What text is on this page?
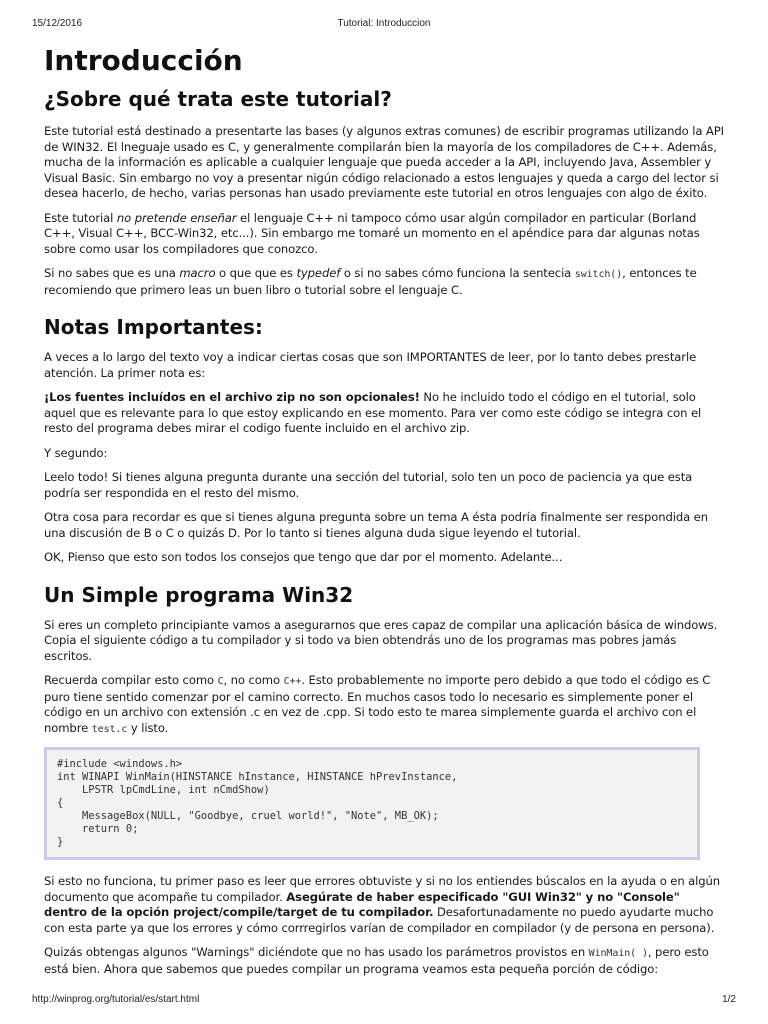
15/12/2016	Tutorial: Introduccion
Introducción
¿Sobre qué trata este tutorial?

Este tutorial está destinado a presentarte las bases (y algunos extras comunes) de escribir programas utilizando la API de WIN32. El lneguaje usado es C, y generalmente compilarán bien la mayoría de los compiladores de C++. Además, mucha de la información es aplicable a cualquier lenguaje que pueda acceder a la API, incluyendo Java, Assembler y Visual Basic. Sin embargo no voy a presentar nigún código relacionado a estos lenguajes y queda a cargo del lector si desea hacerlo, de hecho, varias personas han usado previamente este tutorial en otros lenguajes con algo de éxito.

Este tutorial no pretende enseñar el lenguaje C++ ni tampoco cómo usar algún compilador en particular (Borland C++, Visual C++, BCC-Win32, etc...). Sin embargo me tomaré un momento en el apéndice para dar algunas notas sobre como usar los compiladores que conozco.

Si no sabes que es una macro o que que es typedef o si no sabes cómo funciona la sentecia switch(), entonces te recomiendo que primero leas un buen libro o tutorial sobre el lenguaje C.

Notas Importantes:

A veces a lo largo del texto voy a indicar ciertas cosas que son IMPORTANTES de leer, por lo tanto debes prestarle atención. La primer nota es:

¡Los fuentes incluídos en el archivo zip no son opcionales! No he incluido todo el código en el tutorial, solo aquel que es relevante para lo que estoy explicando en ese momento. Para ver como este código se integra con el resto del programa debes mirar el codigo fuente incluido en el archivo zip.

Y segundo:

Leelo todo! Si tienes alguna pregunta durante una sección del tutorial, solo ten un poco de paciencia ya que esta podría ser respondida en el resto del mismo.

Otra cosa para recordar es que si tienes alguna pregunta sobre un tema A ésta podría finalmente ser respondida en una discusión de B o C o quizás D. Por lo tanto si tienes alguna duda sigue leyendo el tutorial.

OK, Pienso que esto son todos los consejos que tengo que dar por el momento. Adelante...

Un Simple programa Win32

Si eres un completo principiante vamos a asegurarnos que eres capaz de compilar una aplicación básica de windows. Copia el siguiente código a tu compilador y si todo va bien obtendrás uno de los programas mas pobres jamás escritos.

Recuerda compilar esto como C, no como C++. Esto probablemente no importe pero debido a que todo el código es C puro tiene sentido comenzar por el camino correcto. En muchos casos todo lo necesario es simplemente poner el código en un archivo con extensión .c en vez de .cpp. Si todo esto te marea simplemente guarda el archivo con el nombre test.c y listo.

#include <windows.h>
int WINAPI WinMain(HINSTANCE hInstance, HINSTANCE hPrevInstance,
LPSTR lpCmdLine, int nCmdShow)
{
MessageBox(NULL, "Goodbye, cruel world!", "Note", MB_OK);
return 0;
}

Si esto no funciona, tu primer paso es leer que errores obtuviste y si no los entiendes búscalos en la ayuda o en algún documento que acompañe tu compilador. Asegúrate de haber especificado "GUI Win32" y no "Console" dentro de la opción project/compile/target de tu compilador. Desafortunadamente no puedo ayudarte mucho con esta parte ya que los errores y cómo corrregirlos varían de compilador en compilador (y de persona en persona).

Quizás obtengas algunos "Warnings" diciéndote que no has usado los parámetros provistos en WinMain( ), pero esto está bien. Ahora que sabemos que puedes compilar un programa veamos esta pequeña porción de código:

http://winprog.org/tutorial/es/start.html	1/2
